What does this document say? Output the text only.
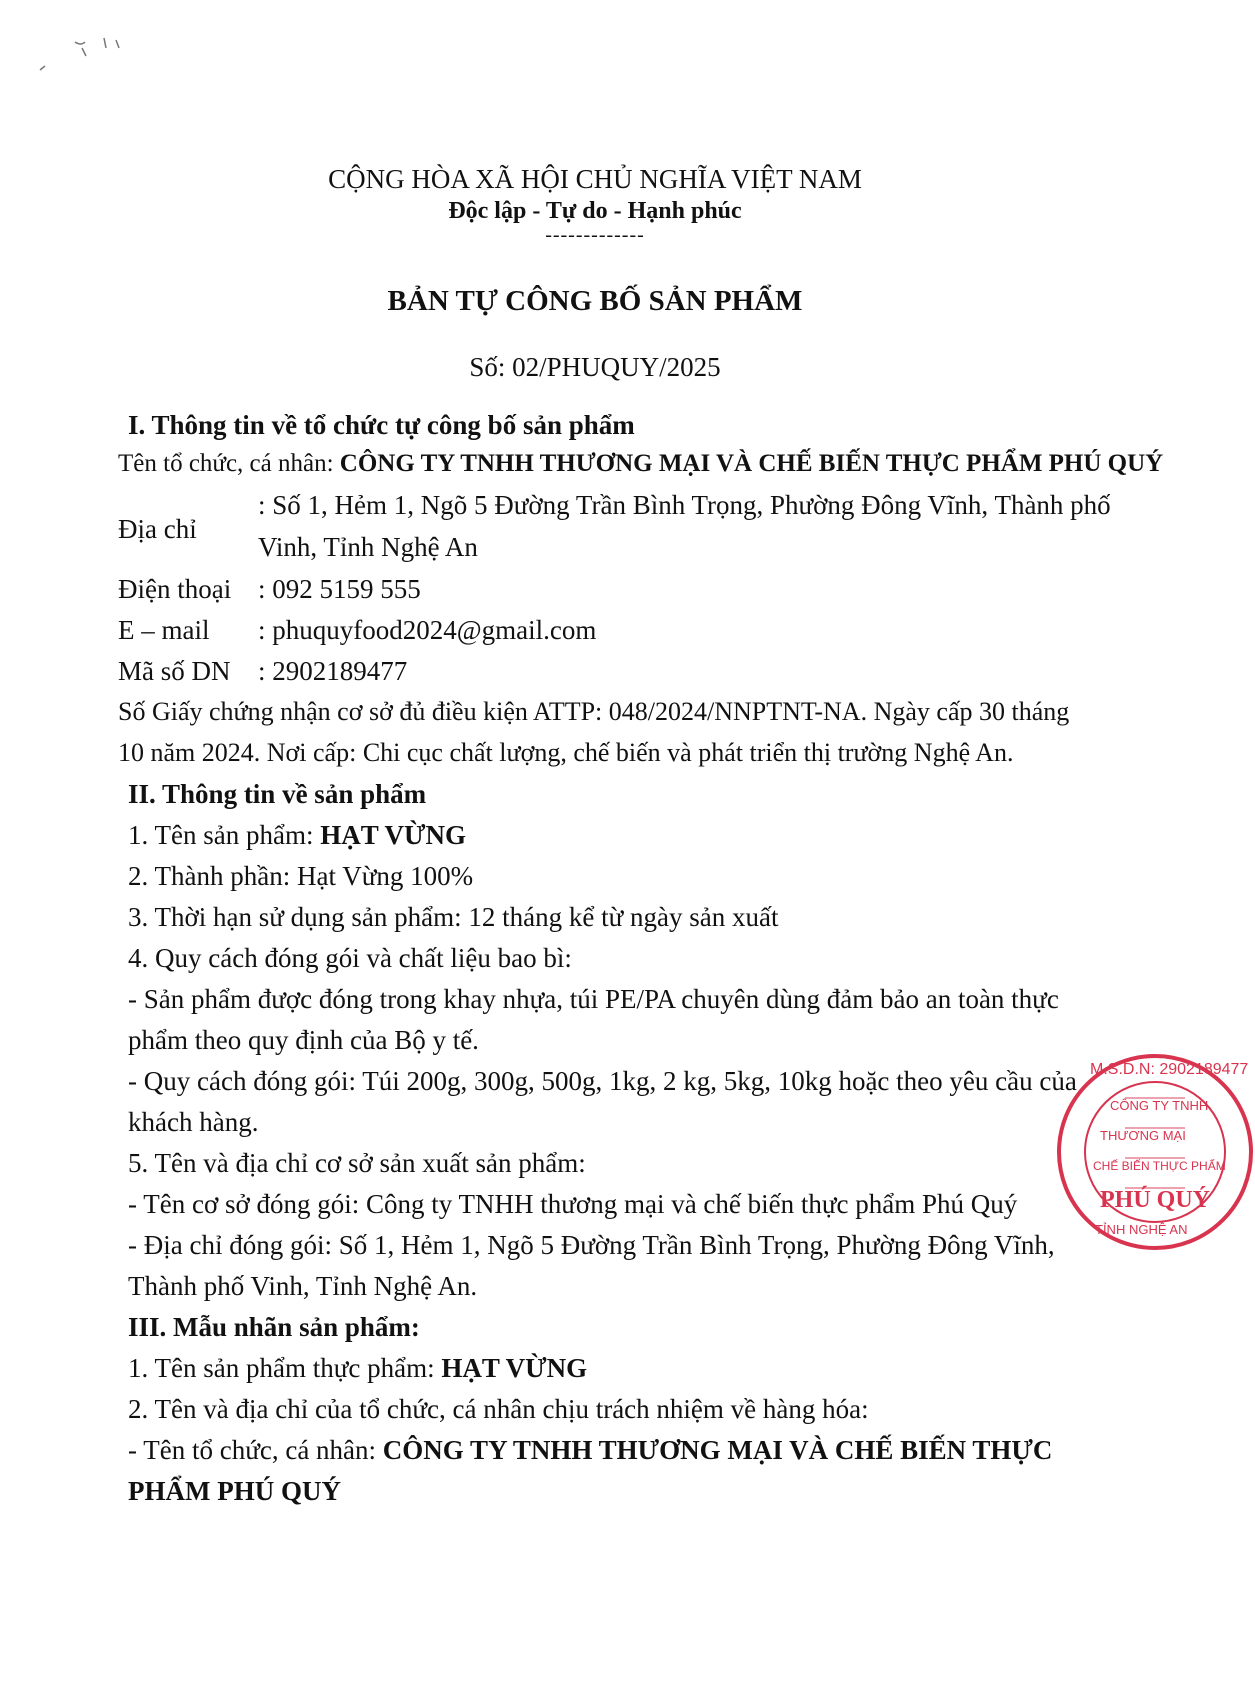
CỘNG HÒA XÃ HỘI CHỦ NGHĨA VIỆT NAM
Độc lập - Tự do - Hạnh phúc
-------------
BẢN TỰ CÔNG BỐ SẢN PHẨM
Số: 02/PHUQUY/2025
I. Thông tin về tổ chức tự công bố sản phẩm
Tên tổ chức, cá nhân: CÔNG TY TNHH THƯƠNG MẠI VÀ CHẾ BIẾN THỰC PHẨM PHÚ QUÝ
Địa chỉ
: Số 1, Hẻm 1, Ngõ 5 Đường Trần Bình Trọng, Phường Đông Vĩnh, Thành phố
Vinh, Tỉnh Nghệ An
Điện thoại : 092 5159 555
E – mail : phuquyfood2024@gmail.com
Mã số DN : 2902189477
Số Giấy chứng nhận cơ sở đủ điều kiện ATTP: 048/2024/NNPTNT-NA. Ngày cấp 30 tháng
10 năm 2024. Nơi cấp: Chi cục chất lượng, chế biến và phát triển thị trường Nghệ An.
II. Thông tin về sản phẩm
1. Tên sản phẩm: HẠT VỪNG
2. Thành phần: Hạt Vừng 100%
3. Thời hạn sử dụng sản phẩm: 12 tháng kể từ ngày sản xuất
4. Quy cách đóng gói và chất liệu bao bì:
- Sản phẩm được đóng trong khay nhựa, túi PE/PA chuyên dùng đảm bảo an toàn thực
phẩm theo quy định của Bộ y tế.
- Quy cách đóng gói: Túi 200g, 300g, 500g, 1kg, 2 kg, 5kg, 10kg hoặc theo yêu cầu của
khách hàng.
5. Tên và địa chỉ cơ sở sản xuất sản phẩm:
- Tên cơ sở đóng gói: Công ty TNHH thương mại và chế biến thực phẩm Phú Quý
- Địa chỉ đóng gói: Số 1, Hẻm 1, Ngõ 5 Đường Trần Bình Trọng, Phường Đông Vĩnh,
Thành phố Vinh, Tỉnh Nghệ An.
III. Mẫu nhãn sản phẩm:
1. Tên sản phẩm thực phẩm: HẠT VỪNG
2. Tên và địa chỉ của tổ chức, cá nhân chịu trách nhiệm về hàng hóa:
- Tên tổ chức, cá nhân: CÔNG TY TNHH THƯƠNG MẠI VÀ CHẾ BIẾN THỰC
PHẨM PHÚ QUÝ
M.S.D.N: 2902189477
CÔNG TY TNHH
THƯƠNG MẠI
CHẾ BIẾN THỰC PHẨM
PHÚ QUÝ
TỈNH NGHỆ AN
